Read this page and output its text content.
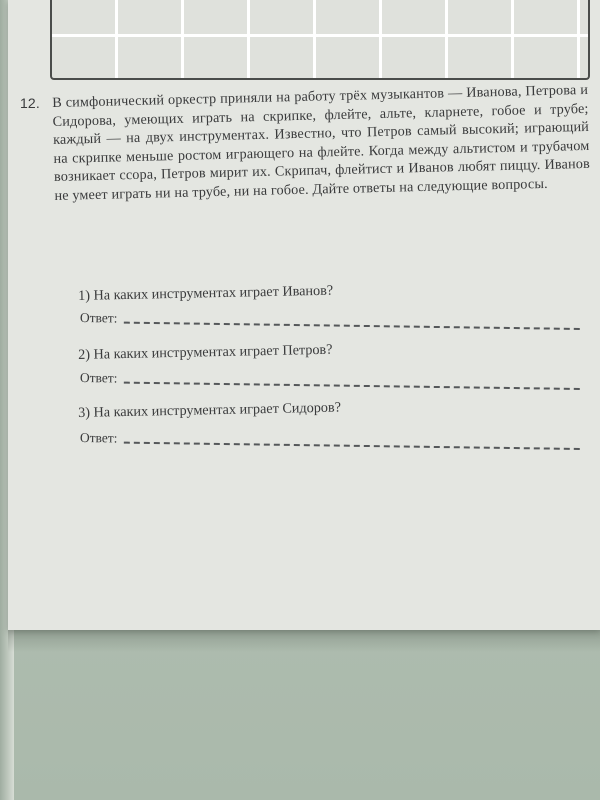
12. В симфонический оркестр приняли на работу трёх музыкантов — Иванова, Петрова и Сидорова, умеющих играть на скрипке, флейте, альте, кларнете, гобое и трубе; каждый — на двух инструментах. Известно, что Петров самый высокий; играющий на скрипке меньше ростом играющего на флейте. Когда между альтистом и трубачом возникает ссора, Петров мирит их. Скрипач, флейтист и Иванов любят пиццу. Иванов не умеет играть ни на трубе, ни на гобое. Дайте ответы на следующие вопросы.
1) На каких инструментах играет Иванов?
Ответ:
2) На каких инструментах играет Петров?
Ответ:
3) На каких инструментах играет Сидоров?
Ответ:
